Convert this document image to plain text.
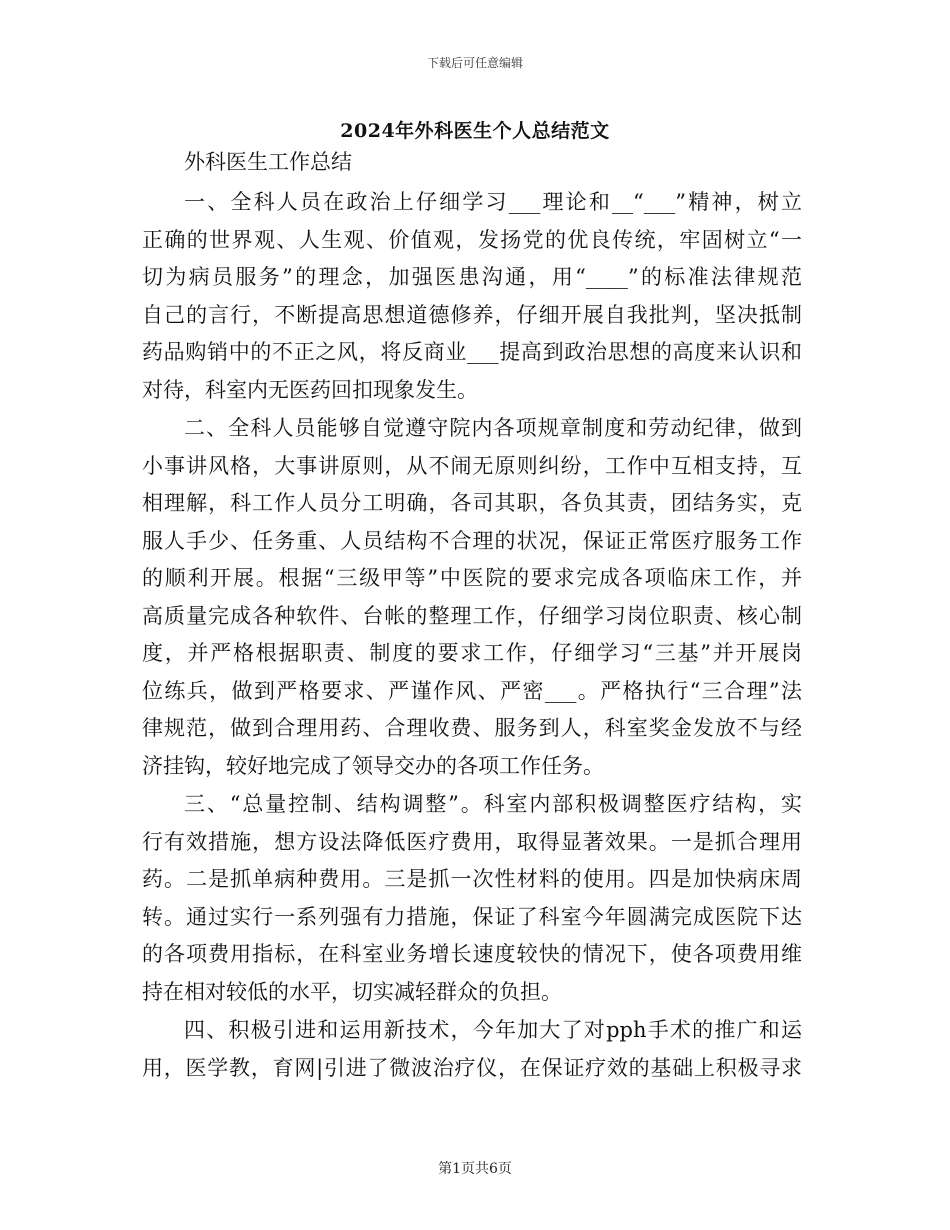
下载后可任意编辑
2024年外科医生个人总结范文

外科医生工作总结

一、全科人员在政治上仔细学习___理论和__“___”精神，树立
正确的世界观、人生观、价值观，发扬党的优良传统，牢固树立“一
切为病员服务”的理念，加强医患沟通，用“____”的标准法律规范
自己的言行，不断提高思想道德修养，仔细开展自我批判，坚决抵制
药品购销中的不正之风，将反商业___提高到政治思想的高度来认识和
对待，科室内无医药回扣现象发生。
二、全科人员能够自觉遵守院内各项规章制度和劳动纪律，做到
小事讲风格，大事讲原则，从不闹无原则纠纷，工作中互相支持，互
相理解，科工作人员分工明确，各司其职，各负其责，团结务实，克
服人手少、任务重、人员结构不合理的状况，保证正常医疗服务工作
的顺利开展。根据“三级甲等”中医院的要求完成各项临床工作，并
高质量完成各种软件、台帐的整理工作，仔细学习岗位职责、核心制
度，并严格根据职责、制度的要求工作，仔细学习“三基”并开展岗
位练兵，做到严格要求、严谨作风、严密___。严格执行“三合理”法
律规范，做到合理用药、合理收费、服务到人，科室奖金发放不与经
济挂钩，较好地完成了领导交办的各项工作任务。
三、“总量控制、结构调整”。科室内部积极调整医疗结构，实
行有效措施，想方设法降低医疗费用，取得显著效果。一是抓合理用
药。二是抓单病种费用。三是抓一次性材料的使用。四是加快病床周
转。通过实行一系列强有力措施，保证了科室今年圆满完成医院下达
的各项费用指标，在科室业务增长速度较快的情况下，使各项费用维
持在相对较低的水平，切实减轻群众的负担。
四、积极引进和运用新技术，今年加大了对pph手术的推广和运
用，医学教，育网|引进了微波治疗仪，在保证疗效的基础上积极寻求
第1页共6页
